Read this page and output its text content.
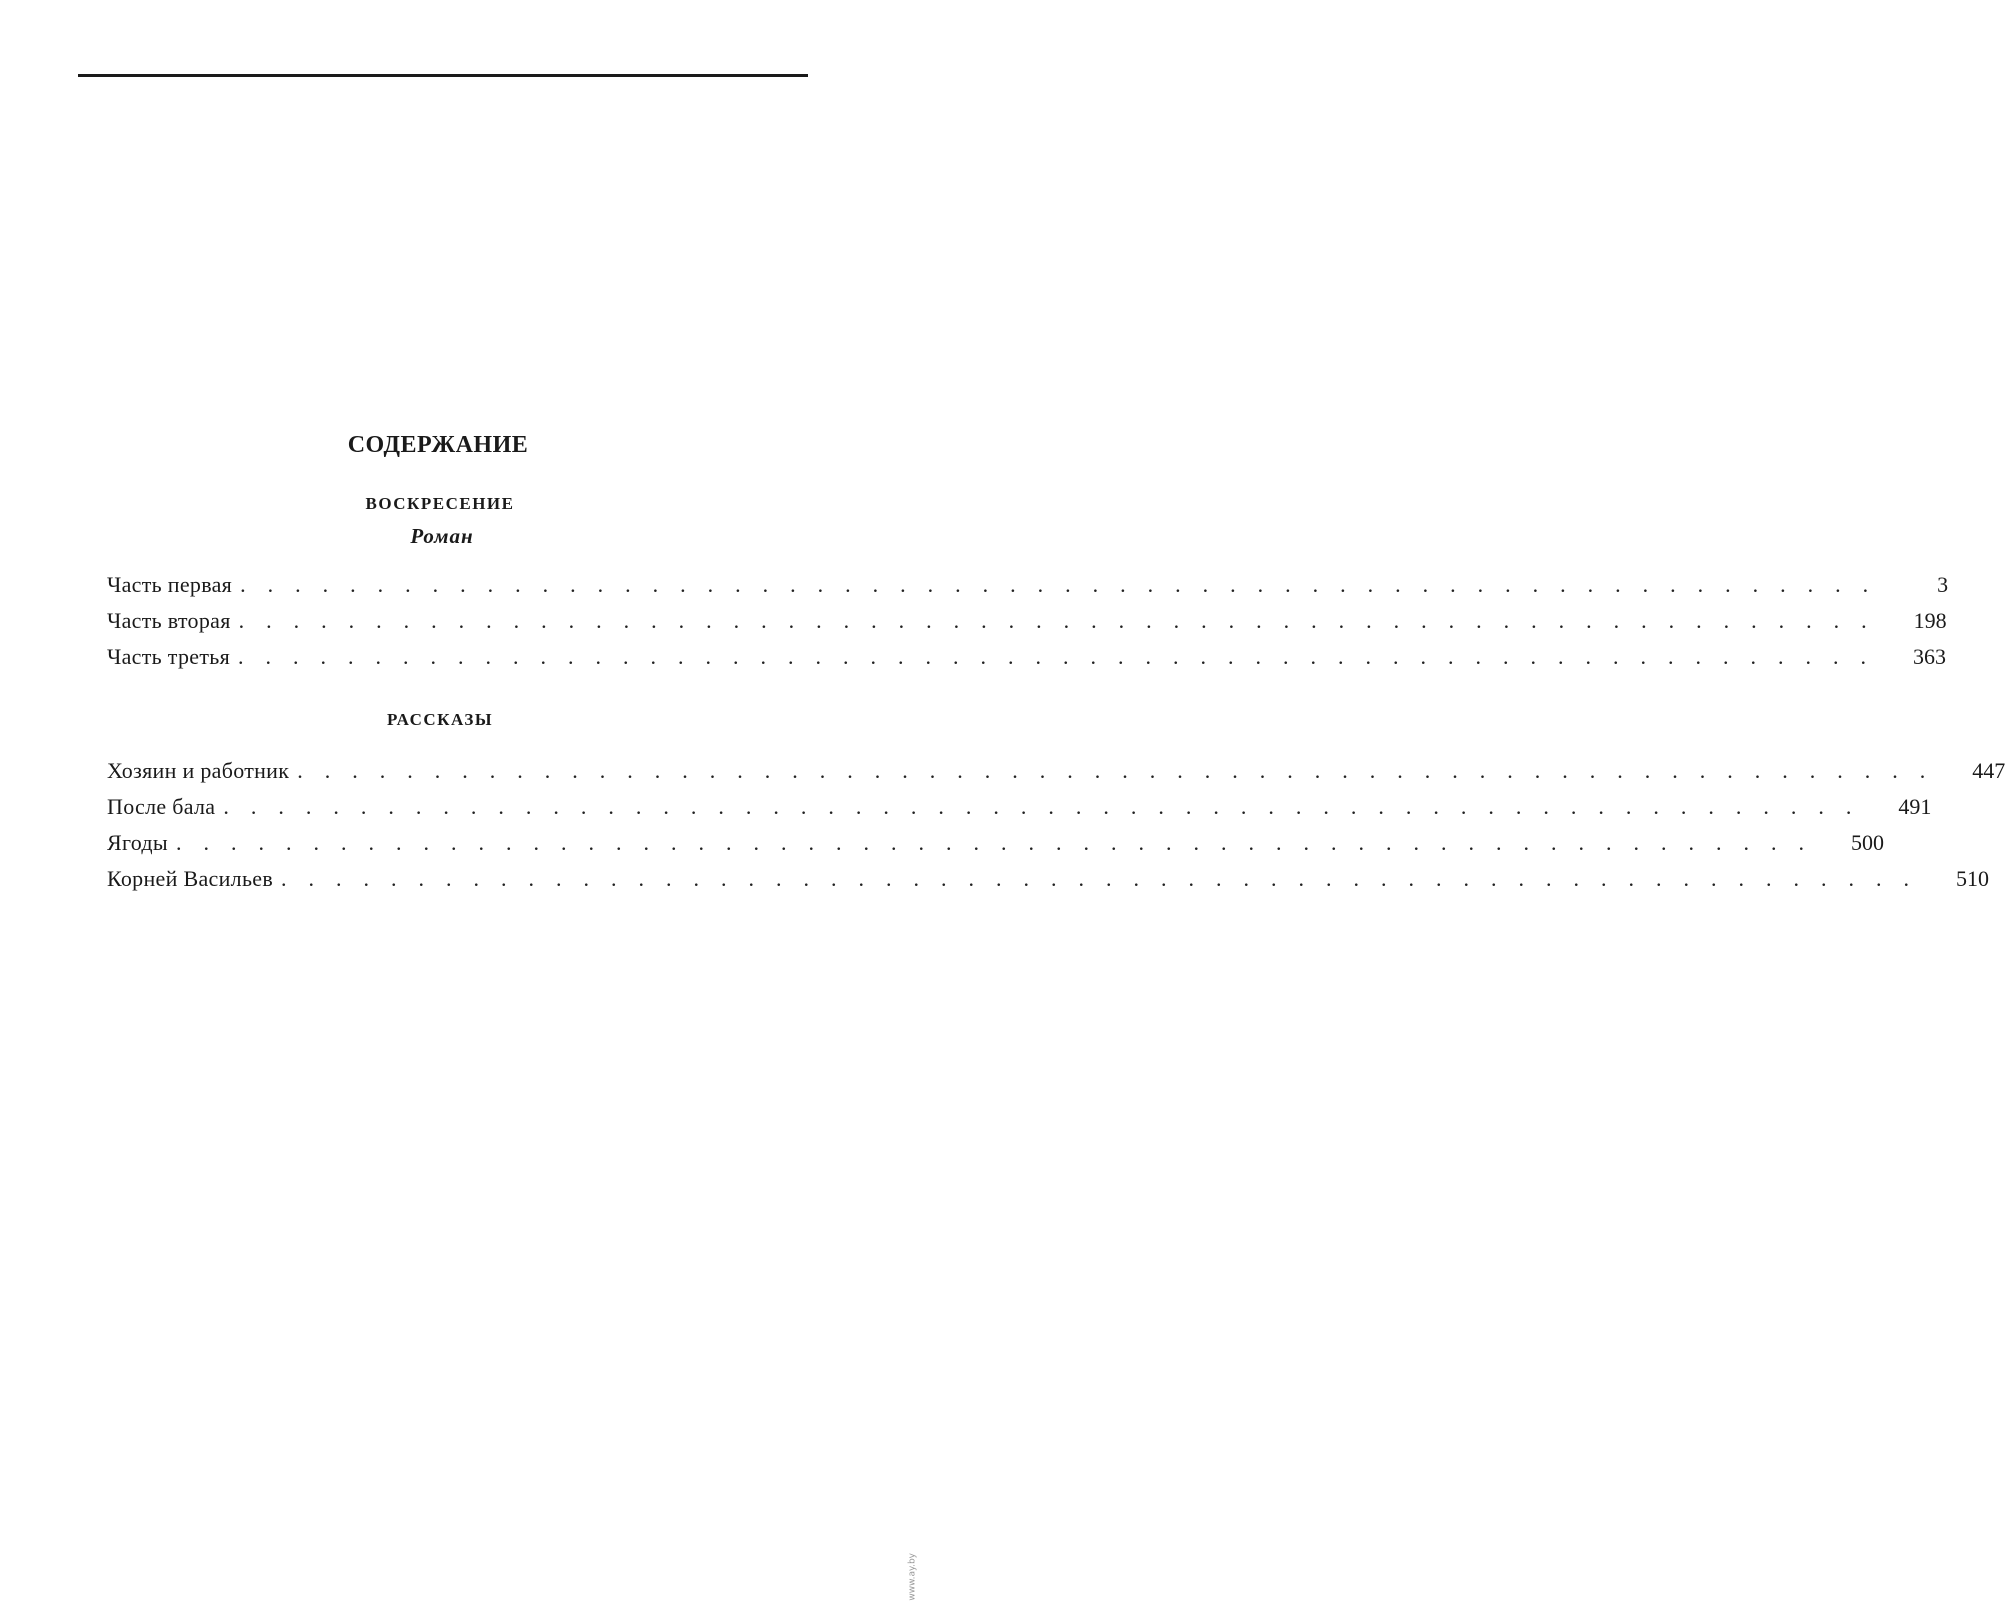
СОДЕРЖАНИЕ
ВОСКРЕСЕНИЕ
Роман
Часть первая .    .    .    .    .    .    .    .    .    .    .    .    .    .    .    .    .    .    .    .    .    .    .    .    .    .    .    .    .    .    .    .    .    .    .    .    .    .    .    .    .    .    .    .    .    .    .    .    .    .    .    .    .    .    .    .    .    .    .    .	3
Часть вторая .    .    .    .    .    .    .    .    .    .    .    .    .    .    .    .    .    .    .    .    .    .    .    .    .    .    .    .    .    .    .    .    .    .    .    .    .    .    .    .    .    .    .    .    .    .    .    .    .    .    .    .    .    .    .    .    .    .    .    .	198
Часть третья .    .    .    .    .    .    .    .    .    .    .    .    .    .    .    .    .    .    .    .    .    .    .    .    .    .    .    .    .    .    .    .    .    .    .    .    .    .    .    .    .    .    .    .    .    .    .    .    .    .    .    .    .    .    .    .    .    .    .    .	363
РАССКАЗЫ
Хозяин и работник .    .    .    .    .    .    .    .    .    .    .    .    .    .    .    .    .    .    .    .    .    .    .    .    .    .    .    .    .    .    .    .    .    .    .    .    .    .    .    .    .    .    .    .    .    .    .    .    .    .    .    .    .    .    .    .    .    .    .    .	447
После бала .    .    .    .    .    .    .    .    .    .    .    .    .    .    .    .    .    .    .    .    .    .    .    .    .    .    .    .    .    .    .    .    .    .    .    .    .    .    .    .    .    .    .    .    .    .    .    .    .    .    .    .    .    .    .    .    .    .    .    .	491
Ягоды .    .    .    .    .    .    .    .    .    .    .    .    .    .    .    .    .    .    .    .    .    .    .    .    .    .    .    .    .    .    .    .    .    .    .    .    .    .    .    .    .    .    .    .    .    .    .    .    .    .    .    .    .    .    .    .    .    .    .    .	500
Корней Васильев .    .    .    .    .    .    .    .    .    .    .    .    .    .    .    .    .    .    .    .    .    .    .    .    .    .    .    .    .    .    .    .    .    .    .    .    .    .    .    .    .    .    .    .    .    .    .    .    .    .    .    .    .    .    .    .    .    .    .    .	510
www.ay.by
